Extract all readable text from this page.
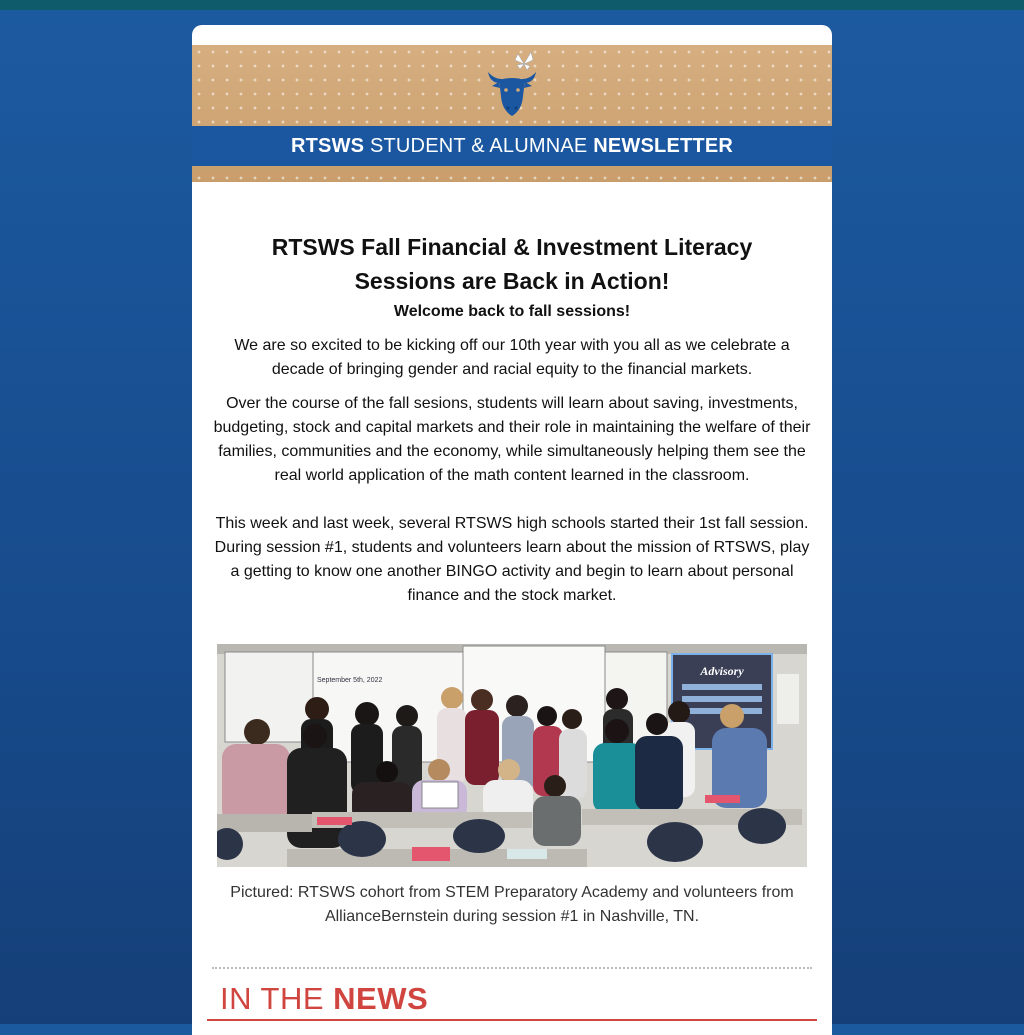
RTSWS STUDENT & ALUMNAE NEWSLETTER
RTSWS Fall Financial & Investment Literacy
Sessions are Back in Action!
Welcome back to fall sessions!

We are so excited to be kicking off our 10th year with you all as we celebrate a decade of bringing gender and racial equity to the financial markets.

Over the course of the fall sesions, students will learn about saving, investments, budgeting, stock and capital markets and their role in maintaining the welfare of their families, communities and the economy, while simultaneously helping them see the real world application of the math content learned in the classroom.

This week and last week, several RTSWS high schools started their 1st fall session. During session #1, students and volunteers learn about the mission of RTSWS, play a getting to know one another BINGO activity and begin to learn about personal finance and the stock market.

September 5th, 2022
Advisory
Pictured: RTSWS cohort from STEM Preparatory Academy and volunteers from AllianceBernstein during session #1 in Nashville, TN.
IN THE NEWS
